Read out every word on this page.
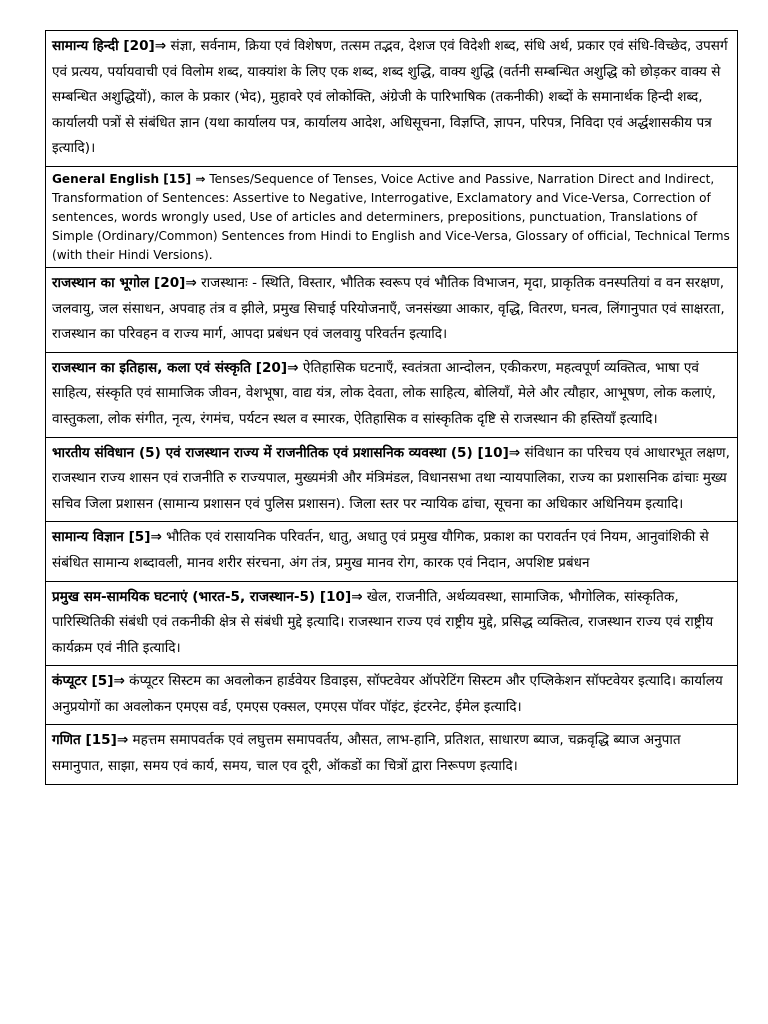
सामान्य हिन्दी [20]⇒ संज्ञा, सर्वनाम, क्रिया एवं विशेषण, तत्सम तद्भव, देशज एवं विदेशी शब्द, संधि अर्थ, प्रकार एवं संधि-विच्छेद, उपसर्ग एवं प्रत्यय, पर्यायवाची एवं विलोम शब्द, याक्यांश के लिए एक शब्द, शब्द शुद्धि, वाक्य शुद्धि (वर्तनी सम्बन्धित अशुद्धि को छोड़कर वाक्य से सम्बन्धित अशुद्धियों), काल के प्रकार (भेद), मुहावरे एवं लोकोक्ति, अंग्रेजी के पारिभाषिक (तकनीकी) शब्दों के समानार्थक हिन्दी शब्द, कार्यालयी पत्रों से संबंधित ज्ञान (यथा कार्यालय पत्र, कार्यालय आदेश, अधिसूचना, विज्ञप्ति, ज्ञापन, परिपत्र, निविदा एवं अर्द्धशासकीय पत्र इत्यादि)।
General English [15] ⇒ Tenses/Sequence of Tenses, Voice Active and Passive, Narration Direct and Indirect, Transformation of Sentences: Assertive to Negative, Interrogative, Exclamatory and Vice-Versa, Correction of sentences, words wrongly used, Use of articles and determiners, prepositions, punctuation, Translations of Simple (Ordinary/Common) Sentences from Hindi to English and Vice-Versa, Glossary of official, Technical Terms (with their Hindi Versions).
राजस्थान का भूगोल [20]⇒ राजस्थानः - स्थिति, विस्तार, भौतिक स्वरूप एवं भौतिक विभाजन, मृदा, प्राकृतिक वनस्पतियां व वन सरक्षण, जलवायु, जल संसाधन, अपवाह तंत्र व झीले, प्रमुख सिचाई परियोजनाएँ, जनसंख्या आकार, वृद्धि, वितरण, घनत्व, लिंगानुपात एवं साक्षरता, राजस्थान का परिवहन व राज्य मार्ग, आपदा प्रबंधन एवं जलवायु परिवर्तन इत्यादि।
राजस्थान का इतिहास, कला एवं संस्कृति [20]⇒ ऐतिहासिक घटनाएँ, स्वतंत्रता आन्दोलन, एकीकरण, महत्वपूर्ण व्यक्तित्व, भाषा एवं साहित्य, संस्कृति एवं सामाजिक जीवन, वेशभूषा, वाद्य यंत्र, लोक देवता, लोक साहित्य, बोलियाँ, मेले और त्यौहार, आभूषण, लोक कलाएं, वास्तुकला, लोक संगीत, नृत्य, रंगमंच, पर्यटन स्थल व स्मारक, ऐतिहासिक व सांस्कृतिक दृष्टि से राजस्थान की हस्तियाँ इत्यादि।
भारतीय संविधान (5) एवं राजस्थान राज्य में राजनीतिक एवं प्रशासनिक व्यवस्था (5) [10]⇒ संविधान का परिचय एवं आधारभूत लक्षण, राजस्थान राज्य शासन एवं राजनीति रु राज्यपाल, मुख्यमंत्री और मंत्रिमंडल, विधानसभा तथा न्यायपालिका, राज्य का प्रशासनिक ढांचाः मुख्य सचिव जिला प्रशासन (सामान्य प्रशासन एवं पुलिस प्रशासन). जिला स्तर पर न्यायिक ढांचा, सूचना का अधिकार अधिनियम इत्यादि।
सामान्य विज्ञान [5]⇒ भौतिक एवं रासायनिक परिवर्तन, धातु, अधातु एवं प्रमुख यौगिक, प्रकाश का परावर्तन एवं नियम, आनुवांशिकी से संबंधित सामान्य शब्दावली, मानव शरीर संरचना, अंग तंत्र, प्रमुख मानव रोग, कारक एवं निदान, अपशिष्ट प्रबंधन
प्रमुख सम-सामयिक घटनाएं (भारत-5, राजस्थान-5) [10]⇒ खेल, राजनीति, अर्थव्यवस्था, सामाजिक, भौगोलिक, सांस्कृतिक, पारिस्थितिकी संबंधी एवं तकनीकी क्षेत्र से संबंधी मुद्दे इत्यादि। राजस्थान राज्य एवं राष्ट्रीय मुद्दे, प्रसिद्ध व्यक्तित्व, राजस्थान राज्य एवं राष्ट्रीय कार्यक्रम एवं नीति इत्यादि।
कंप्यूटर [5]⇒ कंप्यूटर सिस्टम का अवलोकन हार्डवेयर डिवाइस, सॉफ्टवेयर ऑपरेटिंग सिस्टम और एप्लिकेशन सॉफ्टवेयर इत्यादि। कार्यालय अनुप्रयोगों का अवलोकन एमएस वर्ड, एमएस एक्सल, एमएस पॉवर पॉइंट, इंटरनेट, ईमेल इत्यादि।
गणित [15]⇒ महत्तम समापवर्तक एवं लघुत्तम समापवर्तय, औसत, लाभ-हानि, प्रतिशत, साधारण ब्याज, चक्रवृद्धि ब्याज अनुपात समानुपात, साझा, समय एवं कार्य, समय, चाल एव दूरी, ऑकडों का चित्रों द्वारा निरूपण इत्यादि।
